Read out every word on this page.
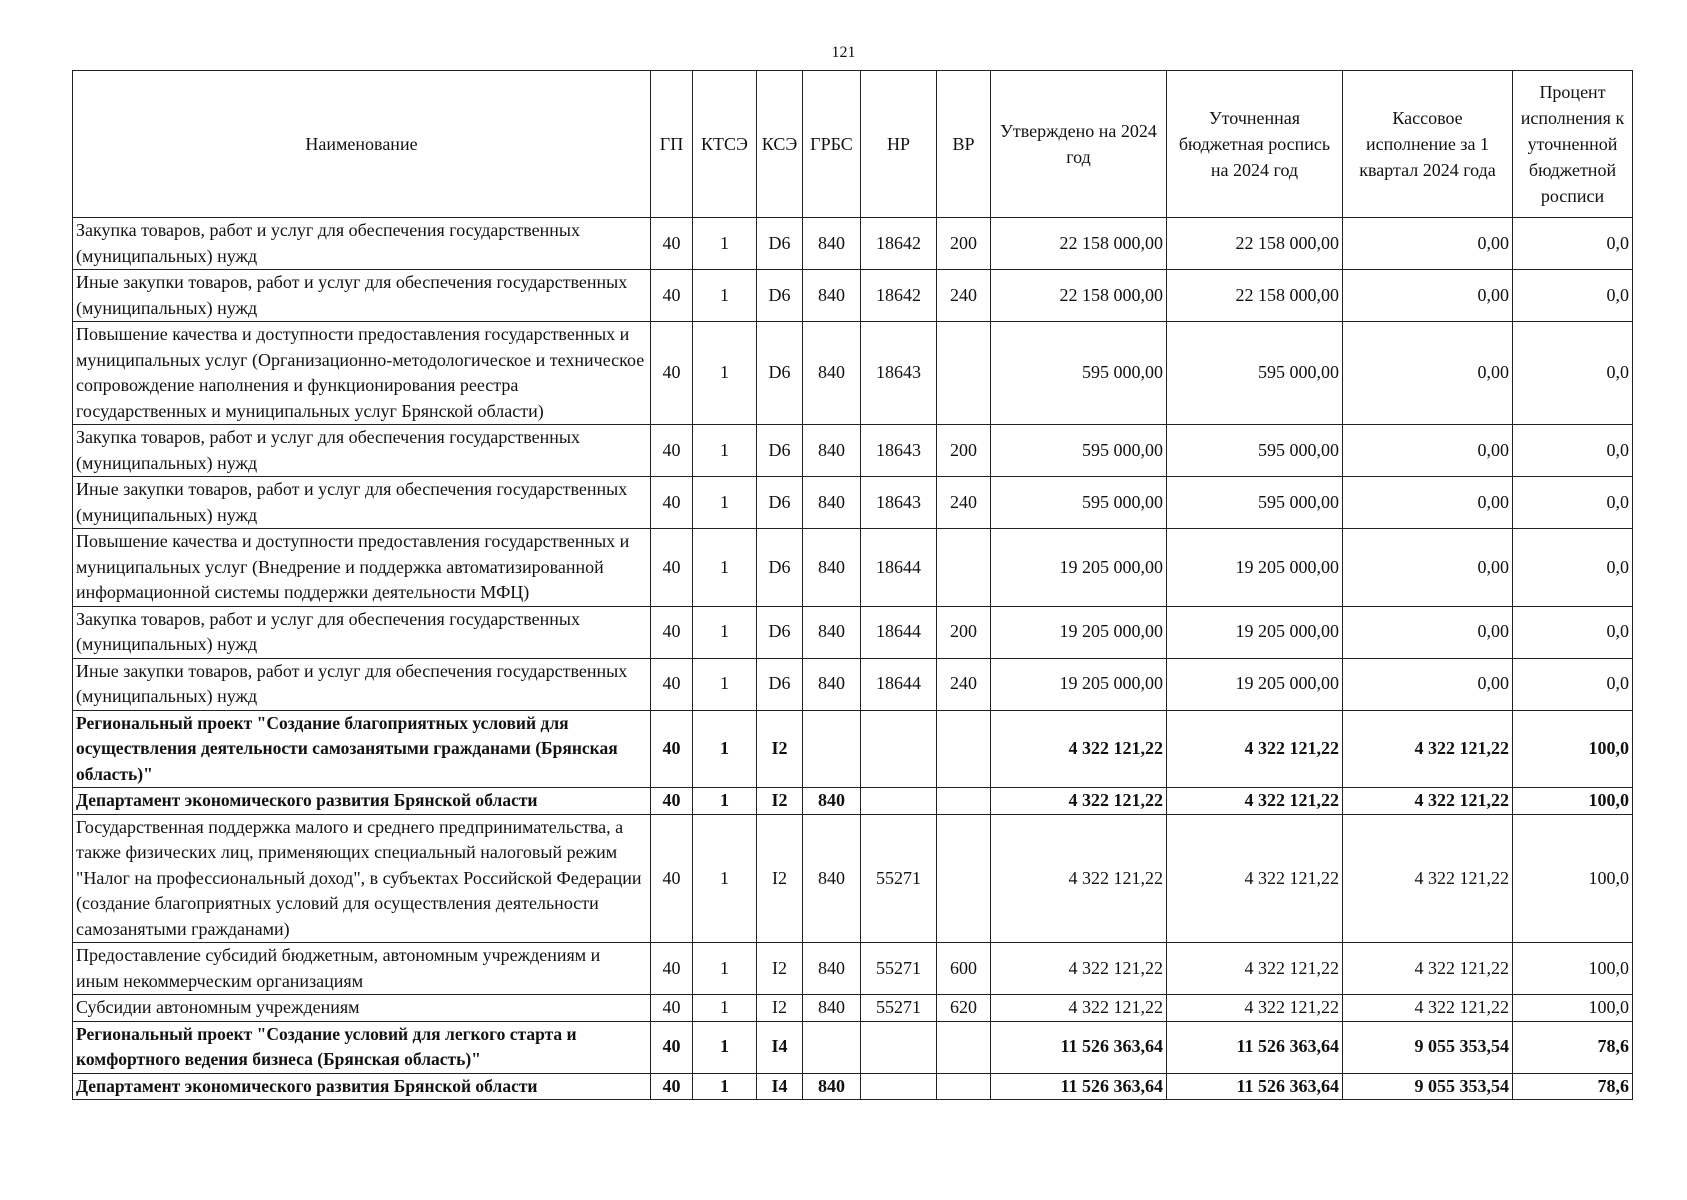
121
Наименование	ГП	КТСЭ	КСЭ	ГРБС	НР	ВР	Утверждено на 2024 год	Уточненная бюджетная роспись на 2024 год	Кассовое исполнение за 1 квартал 2024 года	Процент исполнения к уточненной бюджетной росписи
Закупка товаров, работ и услуг для обеспечения государственных (муниципальных) нужд	40	1	D6	840	18642	200	22 158 000,00	22 158 000,00	0,00	0,0
Иные закупки товаров, работ и услуг для обеспечения государственных (муниципальных) нужд	40	1	D6	840	18642	240	22 158 000,00	22 158 000,00	0,00	0,0
Повышение качества и доступности предоставления государственных и муниципальных услуг (Организационно-методологическое и техническое сопровождение наполнения и функционирования реестра государственных и муниципальных услуг Брянской области)	40	1	D6	840	18643		595 000,00	595 000,00	0,00	0,0
Закупка товаров, работ и услуг для обеспечения государственных (муниципальных) нужд	40	1	D6	840	18643	200	595 000,00	595 000,00	0,00	0,0
Иные закупки товаров, работ и услуг для обеспечения государственных (муниципальных) нужд	40	1	D6	840	18643	240	595 000,00	595 000,00	0,00	0,0
Повышение качества и доступности предоставления государственных и муниципальных услуг (Внедрение и поддержка автоматизированной информационной системы поддержки деятельности МФЦ)	40	1	D6	840	18644		19 205 000,00	19 205 000,00	0,00	0,0
Закупка товаров, работ и услуг для обеспечения государственных (муниципальных) нужд	40	1	D6	840	18644	200	19 205 000,00	19 205 000,00	0,00	0,0
Иные закупки товаров, работ и услуг для обеспечения государственных (муниципальных) нужд	40	1	D6	840	18644	240	19 205 000,00	19 205 000,00	0,00	0,0
Региональный проект "Создание благоприятных условий для осуществления деятельности самозанятыми гражданами (Брянская область)"	40	1	I2				4 322 121,22	4 322 121,22	4 322 121,22	100,0
Департамент экономического развития Брянской области	40	1	I2	840			4 322 121,22	4 322 121,22	4 322 121,22	100,0
Государственная поддержка малого и среднего предпринимательства, а также физических лиц, применяющих специальный налоговый режим "Налог на профессиональный доход", в субъектах Российской Федерации (создание благоприятных условий для осуществления деятельности самозанятыми гражданами)	40	1	I2	840	55271		4 322 121,22	4 322 121,22	4 322 121,22	100,0
Предоставление субсидий бюджетным, автономным учреждениям и иным некоммерческим организациям	40	1	I2	840	55271	600	4 322 121,22	4 322 121,22	4 322 121,22	100,0
Субсидии автономным учреждениям	40	1	I2	840	55271	620	4 322 121,22	4 322 121,22	4 322 121,22	100,0
Региональный проект "Создание условий для легкого старта и комфортного ведения бизнеса (Брянская область)"	40	1	I4				11 526 363,64	11 526 363,64	9 055 353,54	78,6
Департамент экономического развития Брянской области	40	1	I4	840			11 526 363,64	11 526 363,64	9 055 353,54	78,6
